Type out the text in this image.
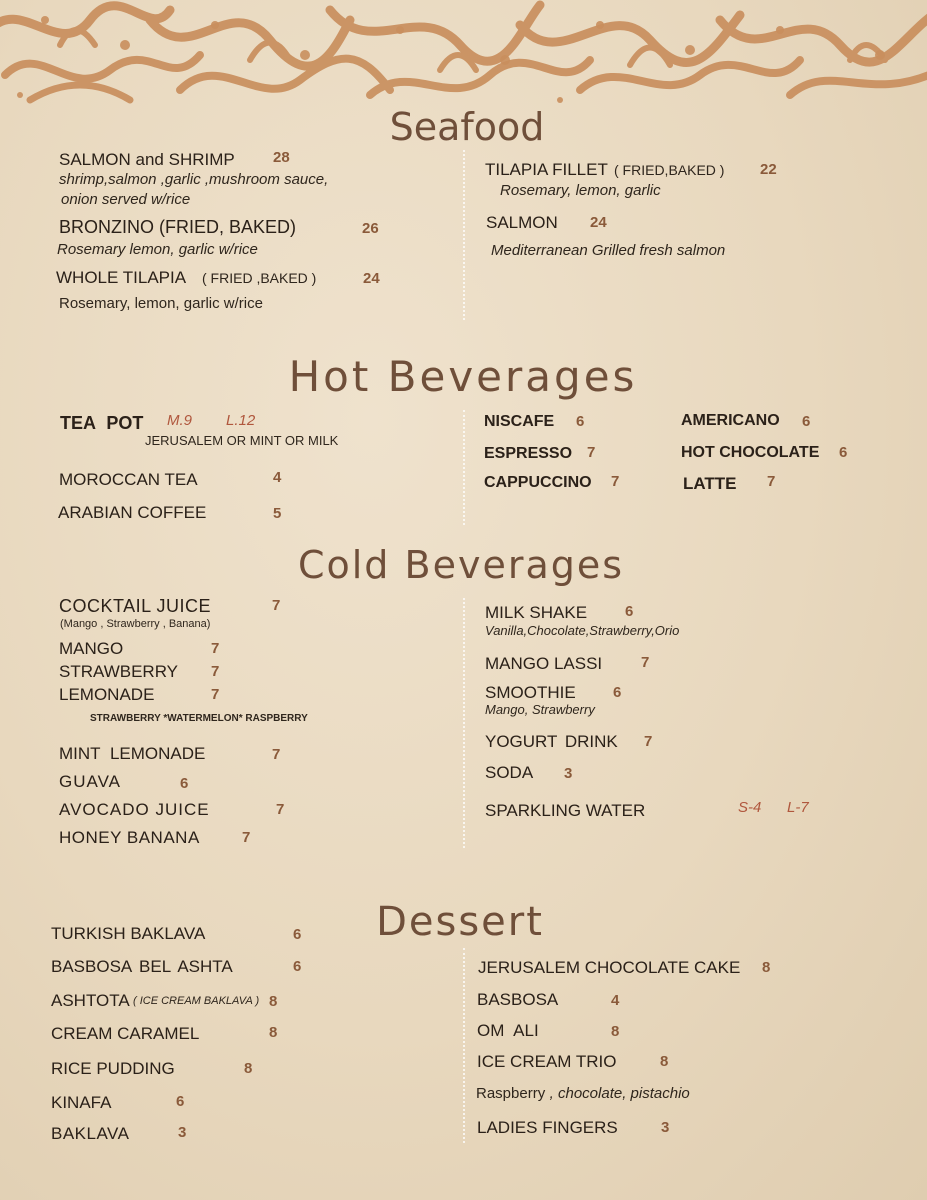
Seafood
SALMON and SHRIMP	28
shrimp,salmon ,garlic ,mushroom sauce,
onion served w/rice
BRONZINO (FRIED, BAKED)	26
Rosemary lemon, garlic w/rice
WHOLE TILAPIA ( FRIED ,BAKED )	24
Rosemary, lemon, garlic w/rice
TILAPIA FILLET ( FRIED,BAKED ) 22
Rosemary, lemon, garlic
SALMON 24
Mediterranean Grilled fresh salmon
Hot Beverages
TEA POT M.9 L.12
JERUSALEM OR MINT OR MILK
MOROCCAN TEA	4
ARABIAN COFFEE	5
NISCAFE 6
ESPRESSO 7
CAPPUCCINO 7
AMERICANO 6
HOT CHOCOLATE 6
LATTE 7
Cold Beverages
COCKTAIL JUICE	7
(Mango , Strawberry , Banana)
MANGO	7
STRAWBERRY 7
LEMONADE	7
STRAWBERRY *WATERMELON* RASPBERRY
MINT LEMONADE	7
GUAVA	6
AVOCADO JUICE	7
HONEY BANANA	7
MILK SHAKE	6
Vanilla,Chocolate,Strawberry,Orio
MANGO LASSI	7
SMOOTHIE 6
Mango, Strawberry
YOGURT DRINK 7
SODA 3
SPARKLING WATER	S-4 L-7
Dessert
TURKISH BAKLAVA	6
BASBOSA BEL ASHTA	6
ASHTOTA ( ICE CREAM BAKLAVA ) 8
CREAM CARAMEL	8
RICE PUDDING	8
KINAFA	6
BAKLAVA	3
JERUSALEM CHOCOLATE CAKE 8
BASBOSA	4
OM ALI	8
ICE CREAM TRIO	8
Raspberry , chocolate, pistachio
LADIES FINGERS	3
